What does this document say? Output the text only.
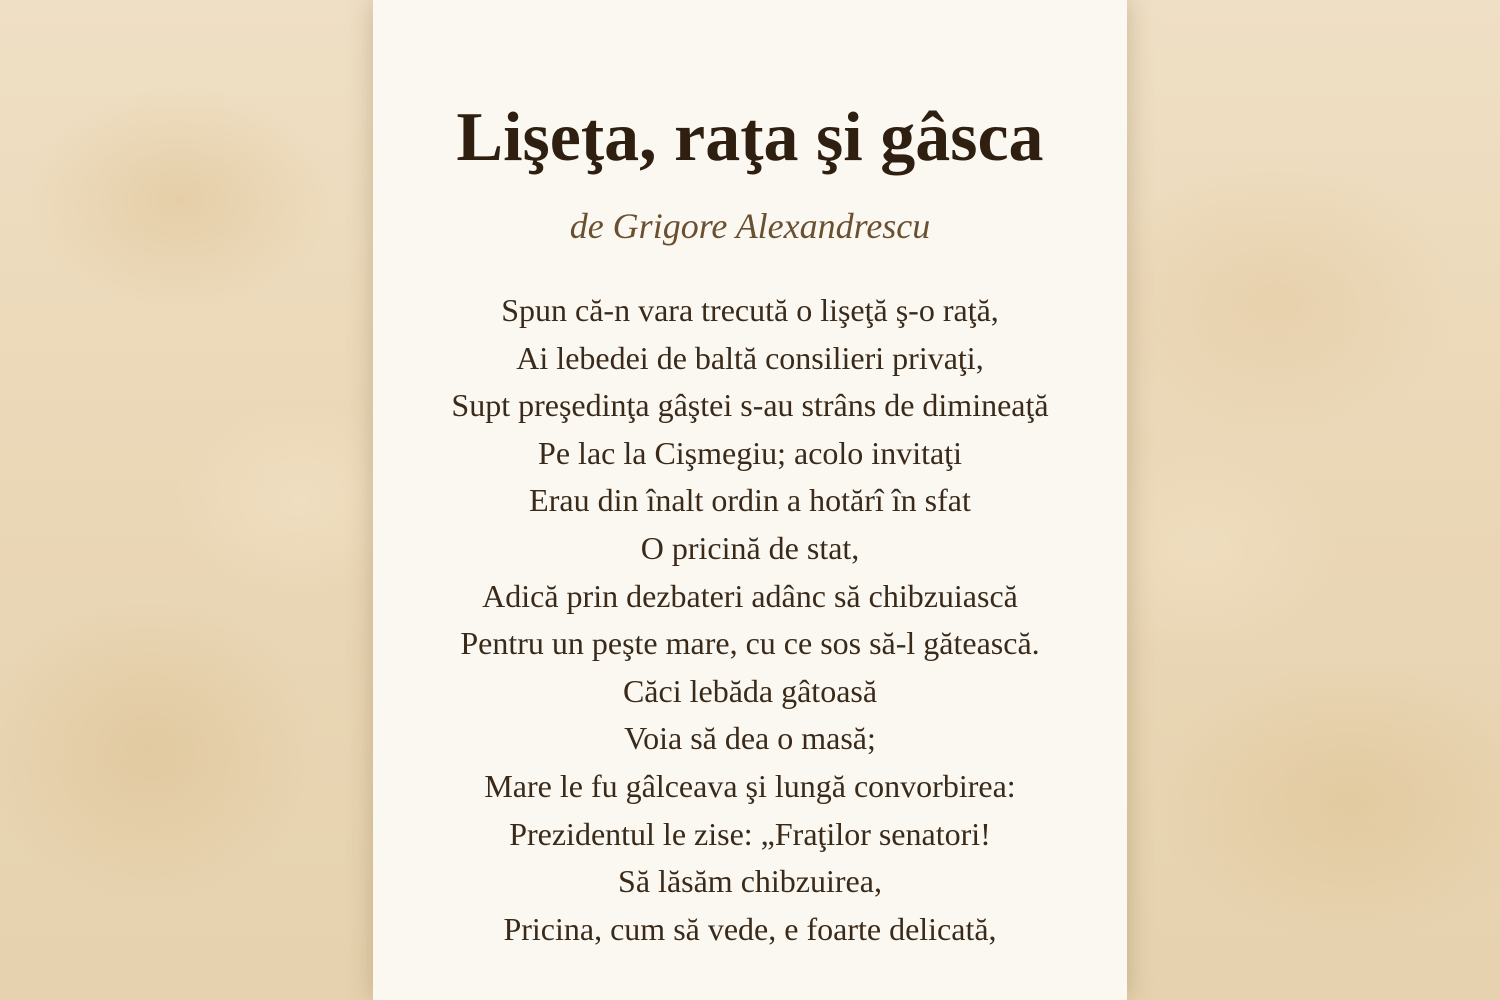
Lişeţa, raţa şi gâsca

de Grigore Alexandrescu

Spun că-n vara trecută o lişeţă ş-o raţă,
Ai lebedei de baltă consilieri privaţi,
Supt preşedinţa gâştei s-au strâns de dimineaţă
Pe lac la Cişmegiu; acolo invitaţi
Erau din înalt ordin a hotărî în sfat
O pricină de stat,
Adică prin dezbateri adânc să chibzuiască
Pentru un peşte mare, cu ce sos să-l gătească.
Căci lebăda gâtoasă
Voia să dea o masă;
Mare le fu gâlceava şi lungă convorbirea:
Prezidentul le zise: „Fraţilor senatori!
Să lăsăm chibzuirea,
Pricina, cum să vede, e foarte delicată,
